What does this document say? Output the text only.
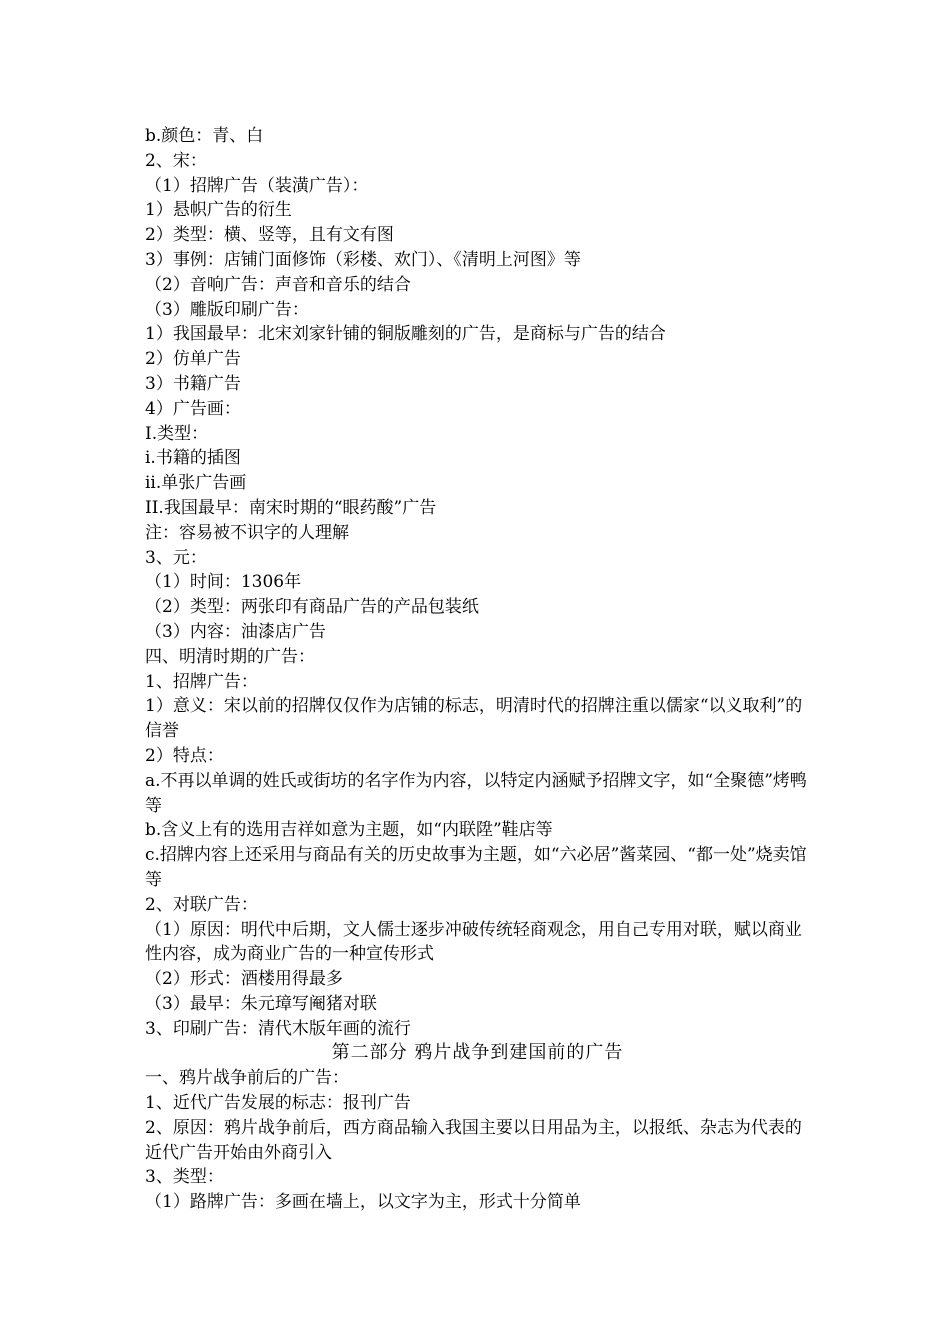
b.颜色：青、白

2、宋：

（1）招牌广告（装潢广告）：

1）悬帜广告的衍生

2）类型：横、竖等，且有文有图

3）事例：店铺门面修饰（彩楼、欢门）、《清明上河图》等

（2）音响广告：声音和音乐的结合

（3）雕版印刷广告：

1）我国最早：北宋刘家针铺的铜版雕刻的广告，是商标与广告的结合

2）仿单广告

3）书籍广告

4）广告画：

I.类型：

i.书籍的插图

ii.单张广告画

II.我国最早：南宋时期的“眼药酸”广告

注：容易被不识字的人理解

3、元：

（1）时间：1306年

（2）类型：两张印有商品广告的产品包装纸

（3）内容：油漆店广告

四、明清时期的广告：

1、招牌广告：

1）意义：宋以前的招牌仅仅作为店铺的标志，明清时代的招牌注重以儒家“以义取利”的信誉

2）特点：

a.不再以单调的姓氏或街坊的名字作为内容，以特定内涵赋予招牌文字，如“全聚德”烤鸭等

b.含义上有的选用吉祥如意为主题，如“内联陞”鞋店等

c.招牌内容上还采用与商品有关的历史故事为主题，如“六必居”酱菜园、“都一处”烧卖馆等

2、对联广告：

（1）原因：明代中后期，文人儒士逐步冲破传统轻商观念，用自己专用对联，赋以商业性内容，成为商业广告的一种宣传形式

（2）形式：酒楼用得最多

（3）最早：朱元璋写阉猪对联

3、印刷广告：清代木版年画的流行

第二部分 鸦片战争到建国前的广告

一、鸦片战争前后的广告：

1、近代广告发展的标志：报刊广告

2、原因：鸦片战争前后，西方商品输入我国主要以日用品为主，以报纸、杂志为代表的近代广告开始由外商引入

3、类型：

（1）路牌广告：多画在墙上，以文字为主，形式十分简单
